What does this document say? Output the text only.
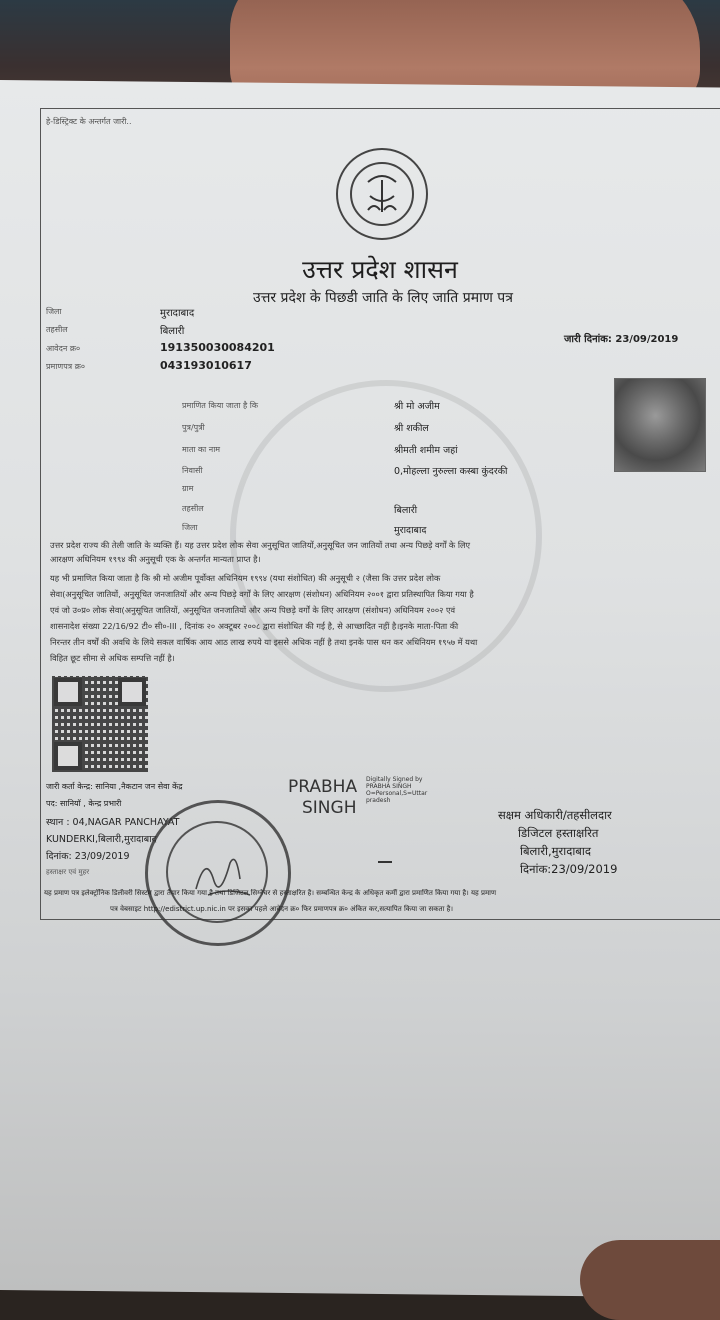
हे-डिस्ट्रिक्ट के अन्तर्गत जारी..
उत्तर प्रदेश शासन
उत्तर प्रदेश के पिछडी जाति के लिए जाति प्रमाण पत्र
जिला	मुरादाबाद
तहसील	बिलारी
आवेदन क्र०	191350030084201
प्रमाणपत्र क्र०	043193010617
जारी दिनांक: 23/09/2019
प्रमाणित किया जाता है कि	श्री मो अजीम
पुत्र/पुत्री	श्री शकील
माता का नाम	श्रीमती शमीम जहां
निवासी	0,मोहल्ला नुरुल्ला कस्बा कुंदरकी
ग्राम
तहसील	बिलारी
जिला	मुरादाबाद
उत्तर प्रदेश राज्य की तेली जाति के व्यक्ति हैं। यह उत्तर प्रदेश लोक सेवा अनुसूचित जातियों,अनुसूचित जन जातियों तथा अन्य पिछड़े वर्गों के लिए
आरक्षण अधिनियम १९९४ की अनुसूची एक के अन्तर्गत मान्यता प्राप्त है।
यह भी प्रमाणित किया जाता है कि श्री मो अजीम पूर्वोक्त अधिनियम १९९४ (यथा संशोधित) की अनुसूची २ (जैसा कि उत्तर प्रदेश लोक
सेवा(अनुसूचित जातियों, अनुसूचित जनजातियों और अन्य पिछड़े वर्गों के लिए आरक्षण (संशोधन) अधिनियम २००१ द्वारा प्रतिस्थापित किया गया है
एवं जो उ०प्र० लोक सेवा(अनुसूचित जातियों, अनुसूचित जनजातियों और अन्य पिछड़े वर्गों के लिए आरक्षण (संशोधन) अधिनियम २००२ एवं
शासनादेश संख्या 22/16/92 टी० सी०-III , दिनांक २० अक्टूबर २००८ द्वारा संशोधित की गई है, से आच्छादित नहीं है।इनके माता-पिता की
निरन्तर तीन वर्षों की अवधि के लिये सकल वार्षिक आय आठ लाख रुपये या इससे अधिक नहीं है तथा इनके पास धन कर अधिनियम १९५७ में यथा
विहित छूट सीमा से अधिक सम्पत्ति नहीं है।
जारी कर्ता केन्द्र: सानिया ,नैकटान जन सेवा केंद्र
पद: सानियॉ , केन्द्र प्रभारी
स्थान : 04,NAGAR PANCHAYAT
KUNDERKI,बिलारी,मुरादाबाद
दिनांक: 23/09/2019
हस्ताक्षर एवं मुहर
PRABHA
SINGH
Digitally Signed by
PRABHA SINGH
O=Personal,S=Uttar
pradesh
सक्षम अधिकारी/तहसीलदार
डिजिटल हस्ताक्षरित
बिलारी,मुरादाबाद
दिनांक:23/09/2019
यह प्रमाण पत्र इलेक्ट्रॉनिक डिलीवरी सिस्टम द्वारा तैयार किया गया है तथा डिजिटल सिग्नेचर से हस्ताक्षरित है। सम्बन्धित केन्द्र के अधिकृत कर्मी द्वारा प्रमाणित किया गया है। यह प्रमाण
पत्र वेबसाइट http://edistrict.up.nic.in पर इसका पहले आवेदन क्र० फिर प्रमाणपत्र क्र० अंकित कर,सत्यापित किया जा सकता है।
